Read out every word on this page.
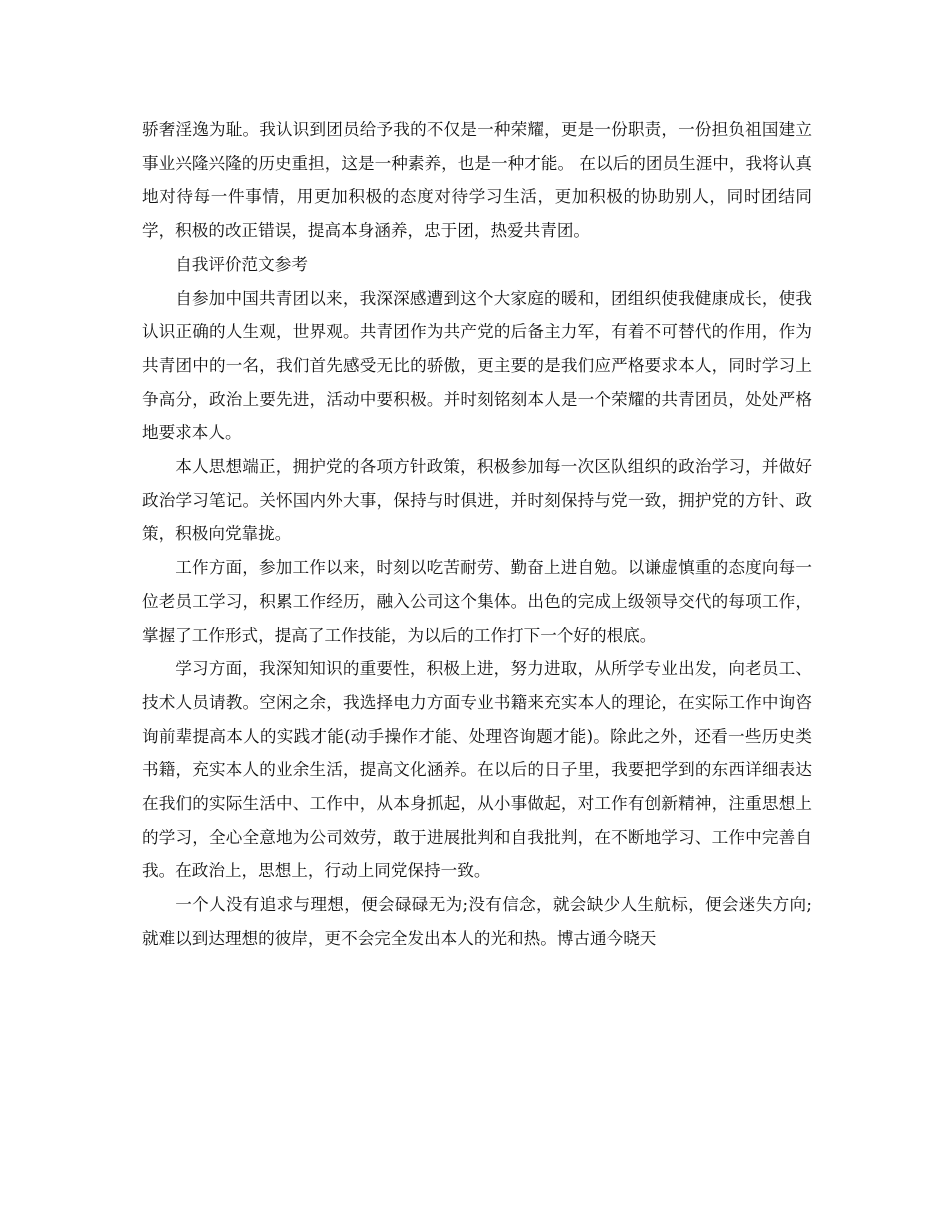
骄奢淫逸为耻。我认识到团员给予我的不仅是一种荣耀，更是一份职责，一份担负祖国建立事业兴隆兴隆的历史重担，这是一种素养，也是一种才能。 在以后的团员生涯中，我将认真地对待每一件事情，用更加积极的态度对待学习生活，更加积极的协助别人，同时团结同学，积极的改正错误，提高本身涵养，忠于团，热爱共青团。

自我评价范文参考

自参加中国共青团以来，我深深感遭到这个大家庭的暖和，团组织使我健康成长，使我认识正确的人生观，世界观。共青团作为共产党的后备主力军，有着不可替代的作用，作为共青团中的一名，我们首先感受无比的骄傲，更主要的是我们应严格要求本人，同时学习上争高分，政治上要先进，活动中要积极。并时刻铭刻本人是一个荣耀的共青团员，处处严格地要求本人。

本人思想端正，拥护党的各项方针政策，积极参加每一次区队组织的政治学习，并做好政治学习笔记。关怀国内外大事，保持与时俱进，并时刻保持与党一致，拥护党的方针、政策，积极向党靠拢。

工作方面，参加工作以来，时刻以吃苦耐劳、勤奋上进自勉。以谦虚慎重的态度向每一位老员工学习，积累工作经历，融入公司这个集体。出色的完成上级领导交代的每项工作，掌握了工作形式，提高了工作技能，为以后的工作打下一个好的根底。

学习方面，我深知知识的重要性，积极上进，努力进取，从所学专业出发，向老员工、技术人员请教。空闲之余，我选择电力方面专业书籍来充实本人的理论，在实际工作中询咨询前辈提高本人的实践才能(动手操作才能、处理咨询题才能)。除此之外，还看一些历史类书籍，充实本人的业余生活，提高文化涵养。在以后的日子里，我要把学到的东西详细表达在我们的实际生活中、工作中，从本身抓起，从小事做起，对工作有创新精神，注重思想上的学习，全心全意地为公司效劳，敢于进展批判和自我批判，在不断地学习、工作中完善自我。在政治上，思想上，行动上同党保持一致。

一个人没有追求与理想，便会碌碌无为;没有信念，就会缺少人生航标，便会迷失方向;就难以到达理想的彼岸，更不会完全发出本人的光和热。博古通今晓天
